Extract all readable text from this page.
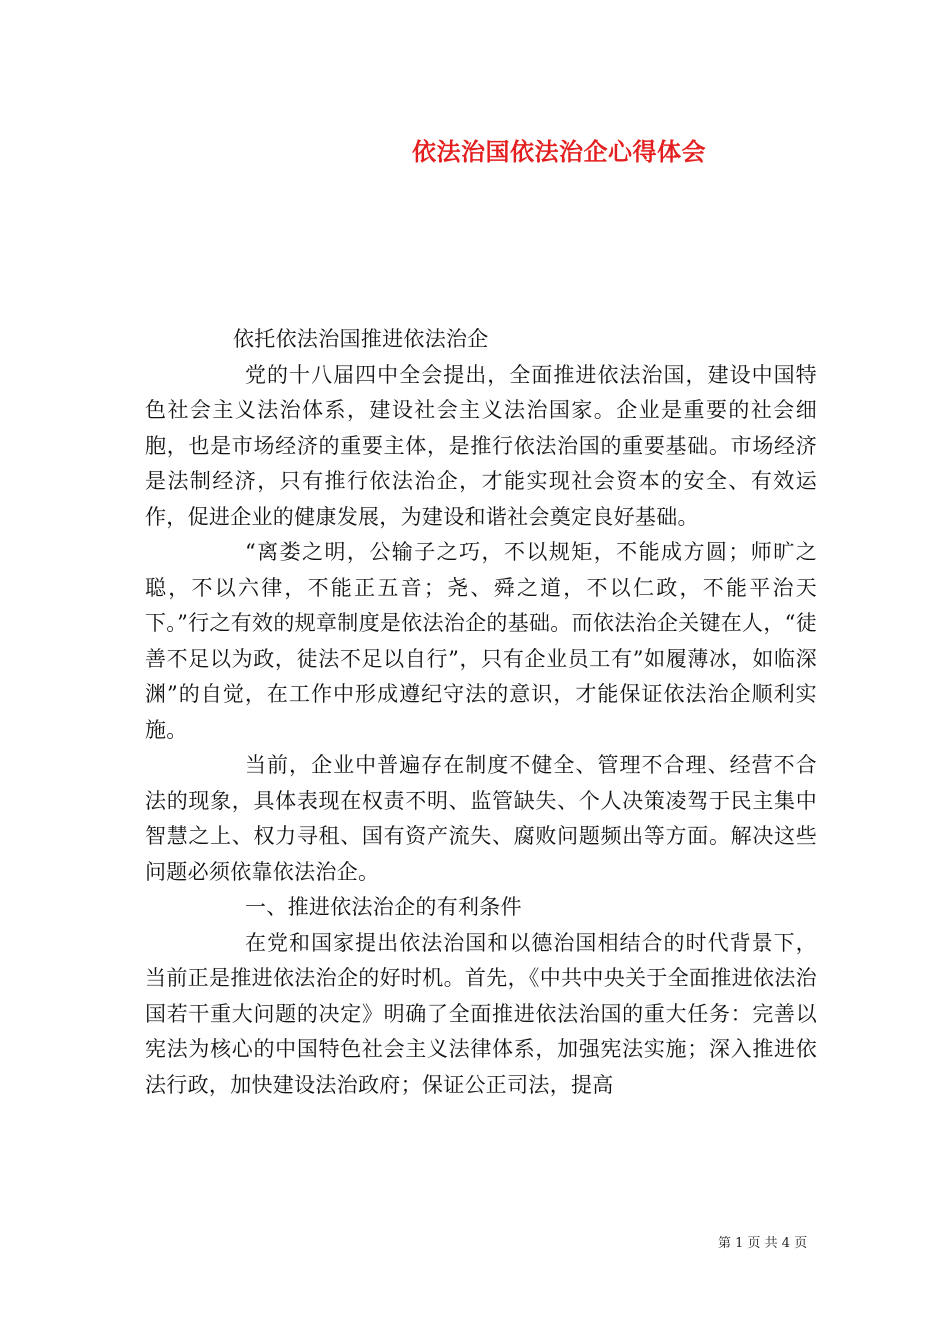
依法治国依法治企心得体会

依托依法治国推进依法治企

党的十八届四中全会提出，全面推进依法治国，建设中国特色社会主义法治体系，建设社会主义法治国家。企业是重要的社会细胞，也是市场经济的重要主体，是推行依法治国的重要基础。市场经济是法制经济，只有推行依法治企，才能实现社会资本的安全、有效运作，促进企业的健康发展，为建设和谐社会奠定良好基础。

“离娄之明，公输子之巧，不以规矩，不能成方圆；师旷之聪，不以六律，不能正五音；尧、舜之道，不以仁政，不能平治天下。”行之有效的规章制度是依法治企的基础。而依法治企关键在人，“徒善不足以为政，徒法不足以自行”，只有企业员工有”如履薄冰，如临深渊”的自觉，在工作中形成遵纪守法的意识，才能保证依法治企顺利实施。

当前，企业中普遍存在制度不健全、管理不合理、经营不合法的现象，具体表现在权责不明、监管缺失、个人决策凌驾于民主集中智慧之上、权力寻租、国有资产流失、腐败问题频出等方面。解决这些问题必须依靠依法治企。

一、推进依法治企的有利条件

在党和国家提出依法治国和以德治国相结合的时代背景下，当前正是推进依法治企的好时机。首先，《中共中央关于全面推进依法治国若干重大问题的决定》明确了全面推进依法治国的重大任务：完善以宪法为核心的中国特色社会主义法律体系，加强宪法实施；深入推进依法行政，加快建设法治政府；保证公正司法，提高

第 1 页 共 4 页
